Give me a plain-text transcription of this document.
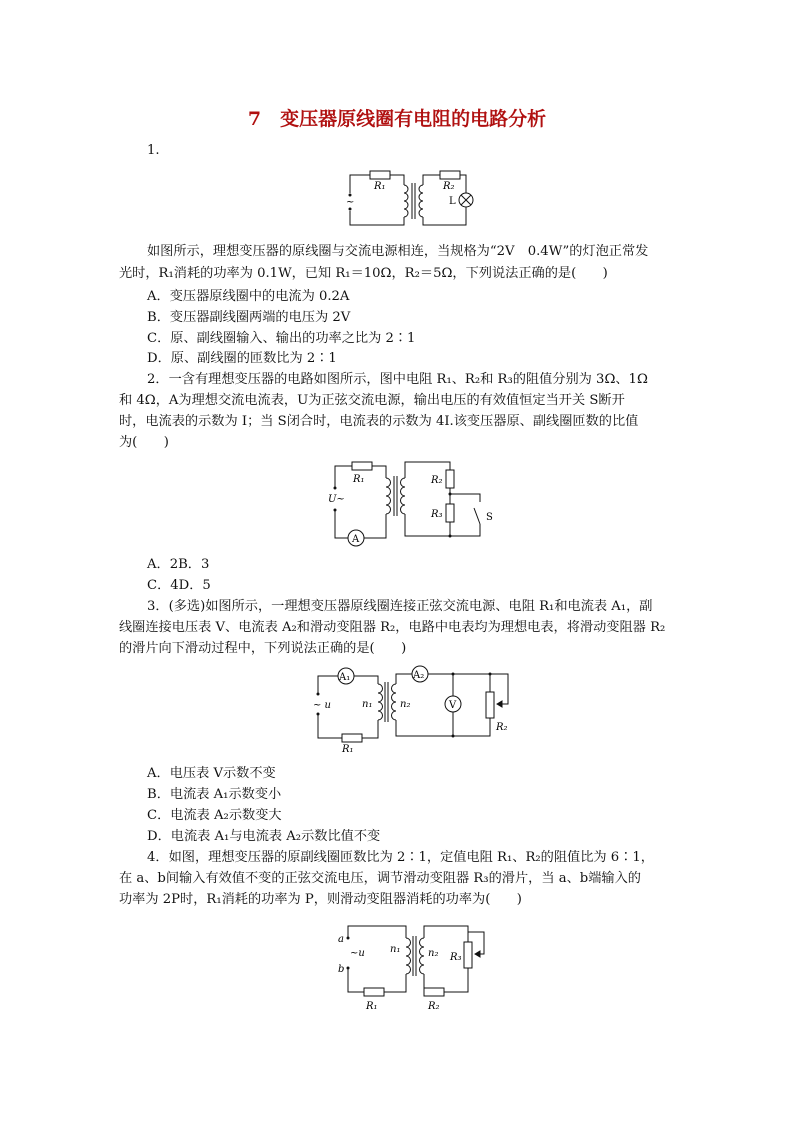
7　变压器原线圈有电阻的电路分析
1.
~
R₁	R₂
L
如图所示，理想变压器的原线圈与交流电源相连，当规格为“2V　0.4W”的灯泡正常发
光时，R₁消耗的功率为 0.1W，已知 R₁＝10Ω，R₂＝5Ω，下列说法正确的是(　　)
A．变压器原线圈中的电流为 0.2A
B．变压器副线圈两端的电压为 2V
C．原、副线圈输入、输出的功率之比为 2∶1
D．原、副线圈的匝数比为 2∶1
2．一含有理想变压器的电路如图所示，图中电阻 R₁、R₂和 R₃的阻值分别为 3Ω、1Ω
和 4Ω，A为理想交流电流表，U为正弦交流电源，输出电压的有效值恒定当开关 S断开
时，电流表的示数为 I；当 S闭合时，电流表的示数为 4I.该变压器原、副线圈匝数的比值
为(　　)
U~
R₁	R₂
R₃
A
S
A．2B．3
C．4D．5
3．(多选)如图所示，一理想变压器原线圈连接正弦交流电源、电阻 R₁和电流表 A₁，副
线圈连接电压表 V、电流表 A₂和滑动变阻器 R₂，电路中电表均为理想电表，将滑动变阻器 R₂
的滑片向下滑动过程中，下列说法正确的是(　　)
~ u
A₁	A₂
V
n₁	n₂
R₁
R₂
A．电压表 V示数不变
B．电流表 A₁示数变小
C．电流表 A₂示数变大
D．电流表 A₁与电流表 A₂示数比值不变
4．如图，理想变压器的原副线圈匝数比为 2∶1，定值电阻 R₁、R₂的阻值比为 6∶1，
在 a、b间输入有效值不变的正弦交流电压，调节滑动变阻器 R₃的滑片，当 a、b端输入的
功率为 2P时，R₁消耗的功率为 P，则滑动变阻器消耗的功率为(　　)
a
b
~u	n₁	n₂ R₃
R₁	R₂
